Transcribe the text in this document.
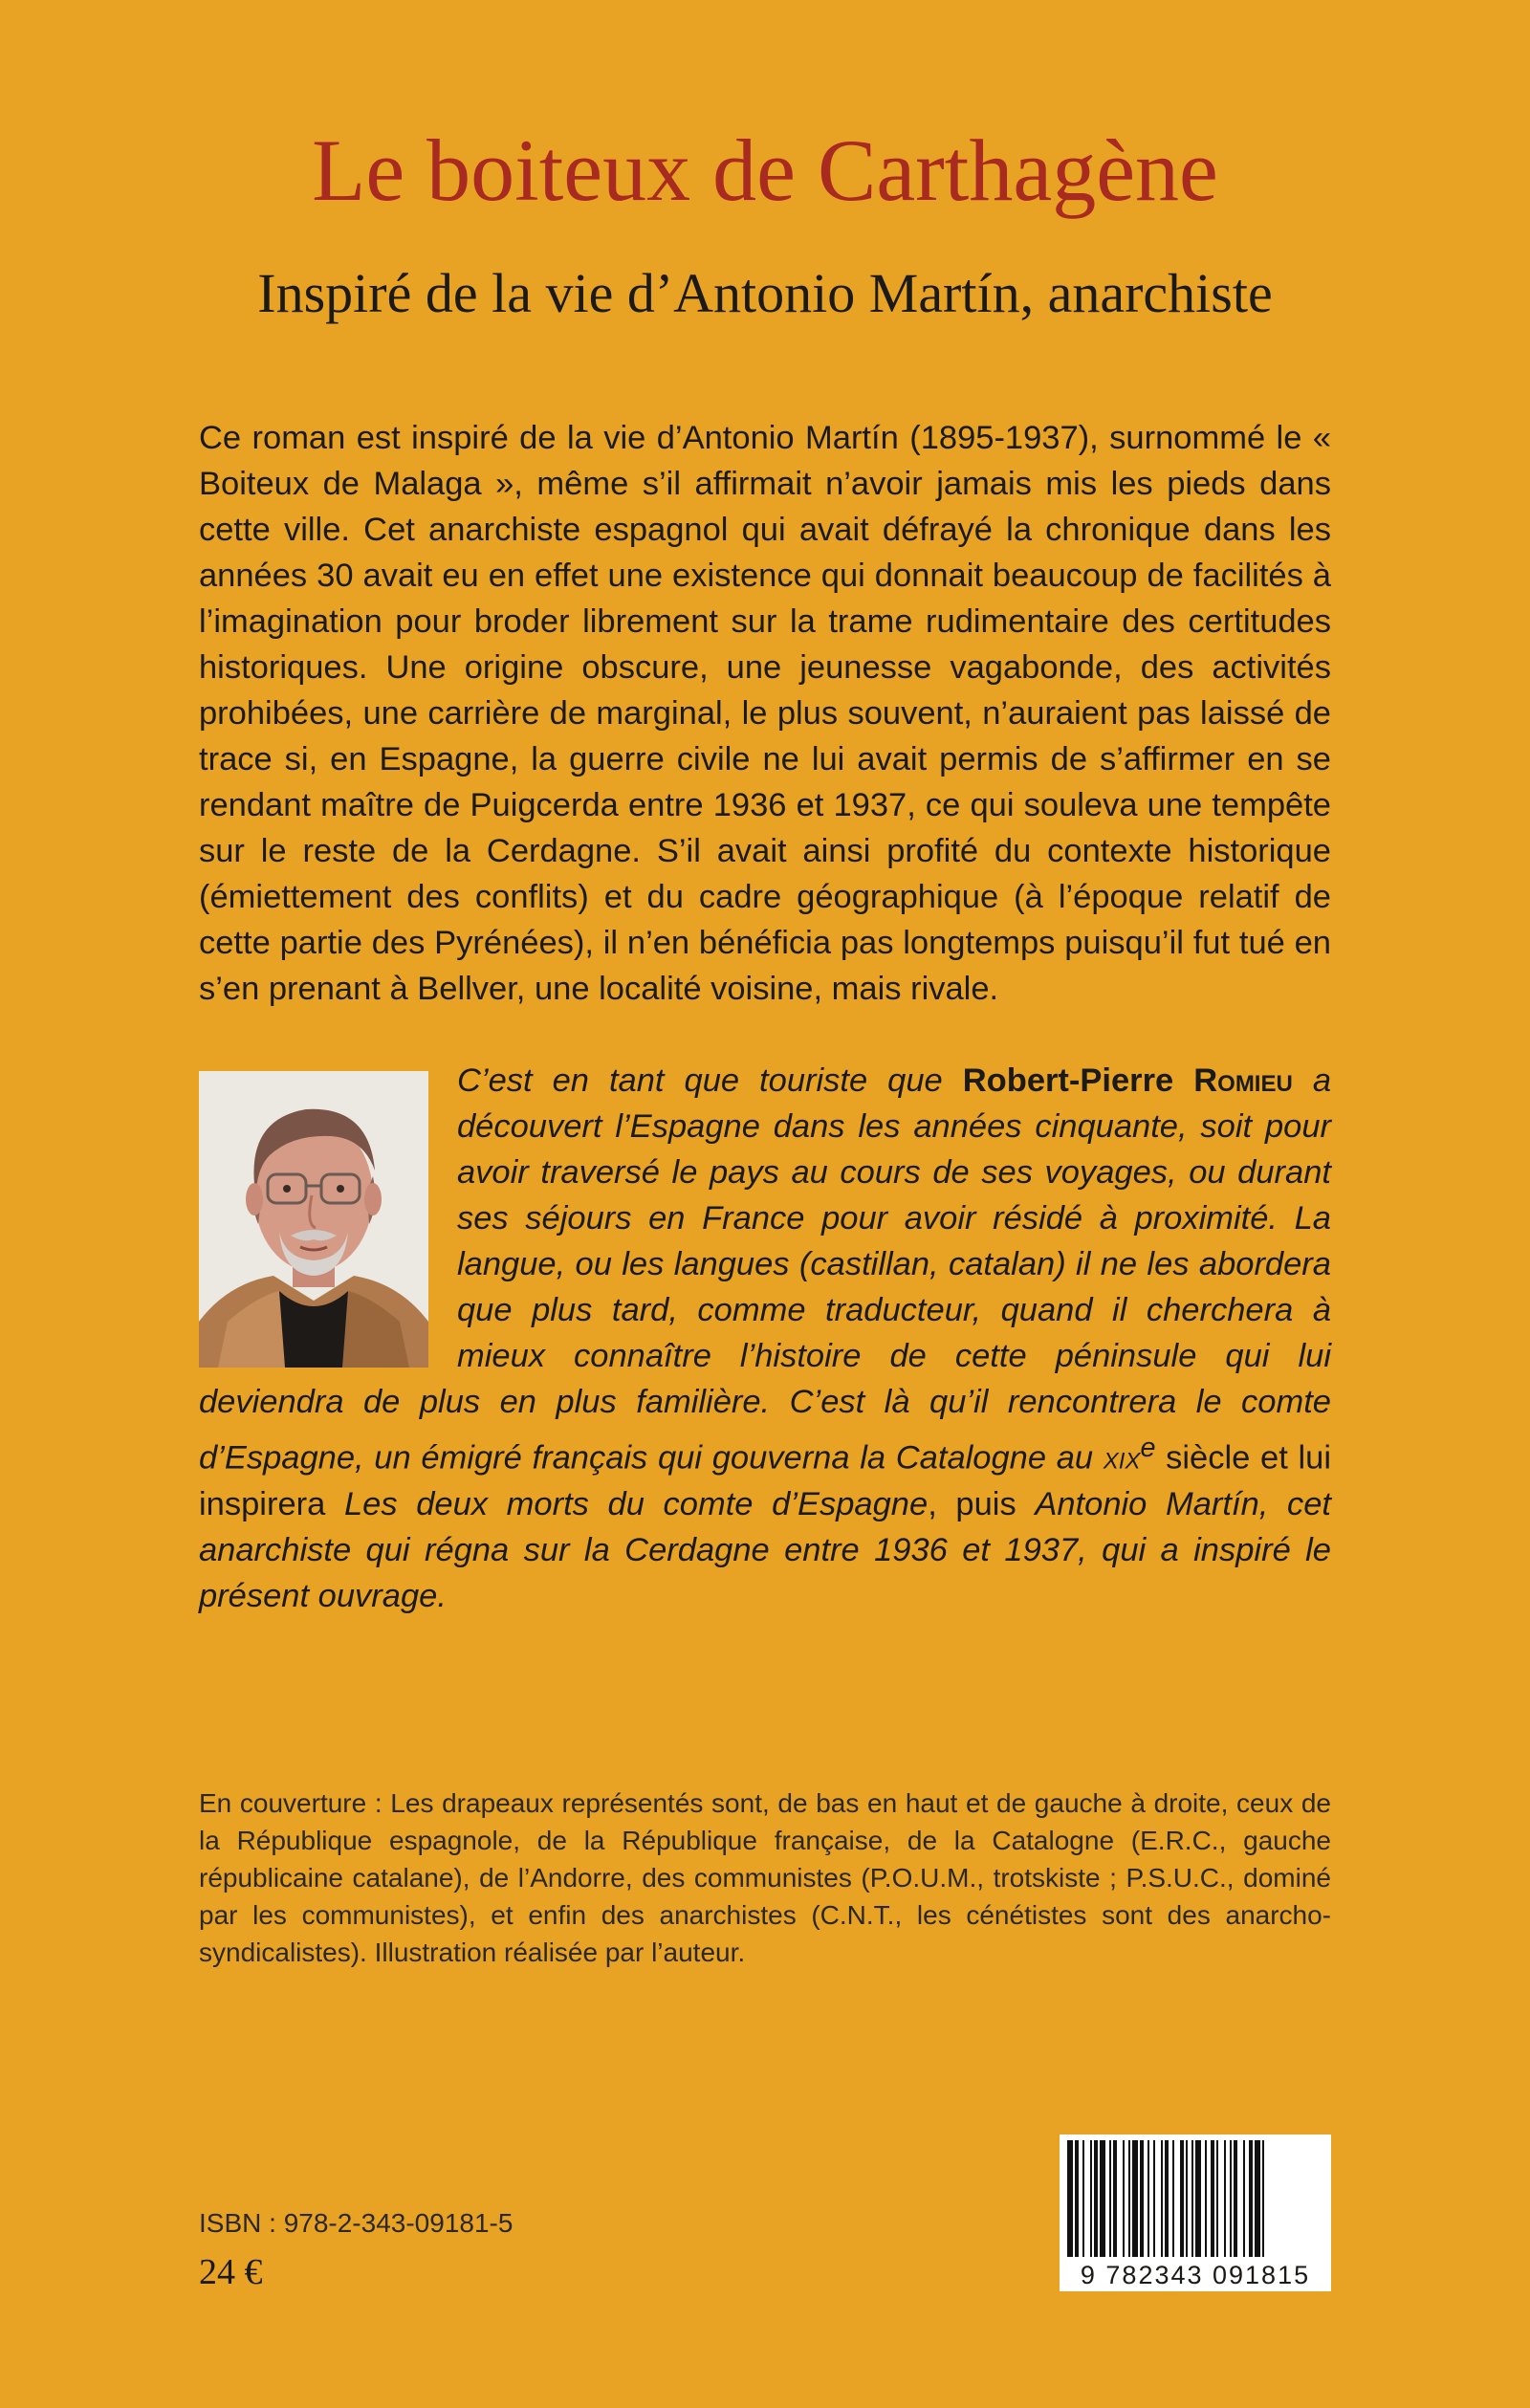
Le boiteux de Carthagène
Inspiré de la vie d’Antonio Martín, anarchiste
Ce roman est inspiré de la vie d’Antonio Martín (1895-1937), surnommé le « Boiteux de Malaga », même s’il affirmait n’avoir jamais mis les pieds dans cette ville. Cet anarchiste espagnol qui avait défrayé la chronique dans les années 30 avait eu en effet une existence qui donnait beaucoup de facilités à l’imagination pour broder librement sur la trame rudimentaire des certitudes historiques. Une origine obscure, une jeunesse vagabonde, des activités prohibées, une carrière de marginal, le plus souvent, n’auraient pas laissé de trace si, en Espagne, la guerre civile ne lui avait permis de s’affirmer en se rendant maître de Puigcerda entre 1936 et 1937, ce qui souleva une tempête sur le reste de la Cerdagne. S’il avait ainsi profité du contexte historique (émiettement des conflits) et du cadre géographique (à l’époque relatif de cette partie des Pyrénées), il n’en bénéficia pas longtemps puisqu’il fut tué en s’en prenant à Bellver, une localité voisine, mais rivale.
C’est en tant que touriste que Robert-Pierre Romieu a découvert l’Espagne dans les années cinquante, soit pour avoir traversé le pays au cours de ses voyages, ou durant ses séjours en France pour avoir résidé à proximité. La langue, ou les langues (castillan, catalan) il ne les abordera que plus tard, comme traducteur, quand il cherchera à mieux connaître l’histoire de cette péninsule qui lui deviendra de plus en plus familière. C’est là qu’il rencontrera le comte d’Espagne, un émigré français qui gouverna la Catalogne au xix$^e$ siècle et lui inspirera Les deux morts du comte d’Espagne, puis Antonio Martín, cet anarchiste qui régna sur la Cerdagne entre 1936 et 1937, qui a inspiré le présent ouvrage.
En couverture : Les drapeaux représentés sont, de bas en haut et de gauche à droite, ceux de la République espagnole, de la République française, de la Catalogne (E.R.C., gauche républicaine catalane), de l’Andorre, des communistes (P.O.U.M., trotskiste ; P.S.U.C., dominé par les communistes), et enfin des anarchistes (C.N.T., les cénétistes sont des anarcho-syndicalistes). Illustration réalisée par l’auteur.
ISBN : 978-2-343-09181-5
24 €	9 782343 091815
